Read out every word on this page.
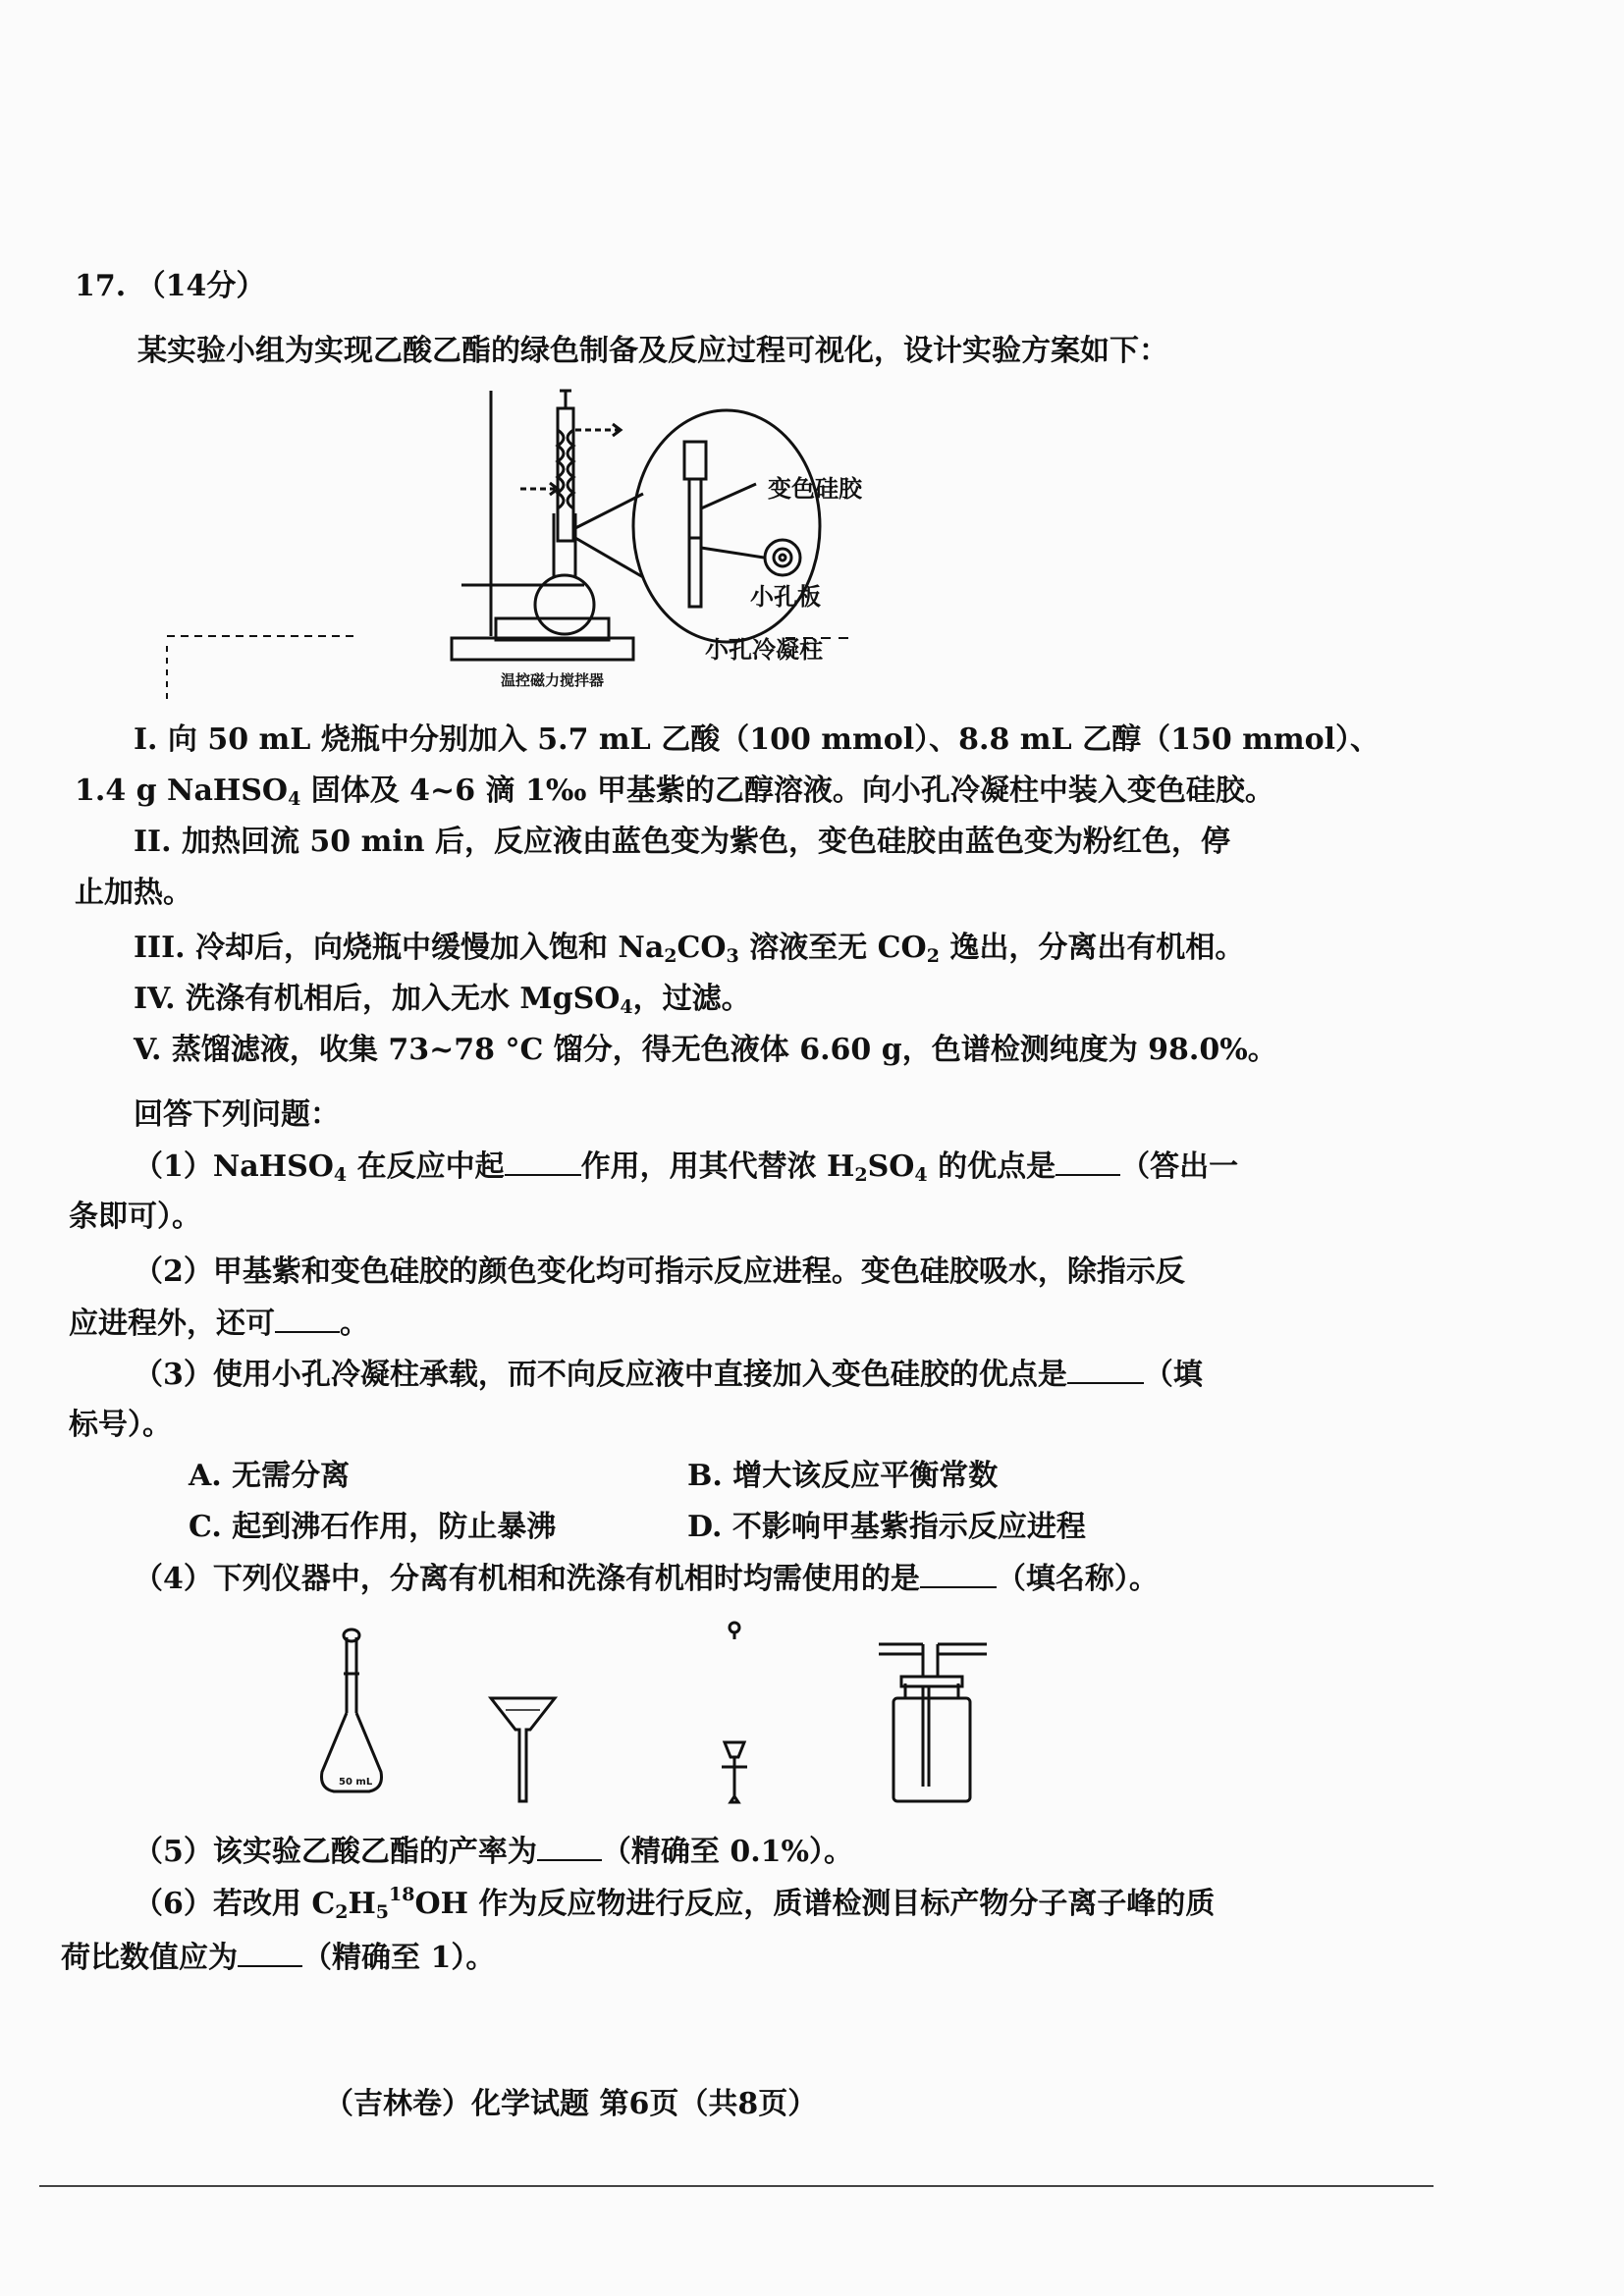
17. （14分）
某实验小组为实现乙酸乙酯的绿色制备及反应过程可视化，设计实验方案如下：
变色硅胶
小孔板
小孔冷凝柱
温控磁力搅拌器
I. 向 50 mL 烧瓶中分别加入 5.7 mL 乙酸（100 mmol）、8.8 mL 乙醇（150 mmol）、
1.4 g NaHSO$_4$ 固体及 4~6 滴 1‰ 甲基紫的乙醇溶液。向小孔冷凝柱中装入变色硅胶。
II. 加热回流 50 min 后，反应液由蓝色变为紫色，变色硅胶由蓝色变为粉红色，停
止加热。
III. 冷却后，向烧瓶中缓慢加入饱和 $Na_2CO_3$ 溶液至无 $CO_2$ 逸出，分离出有机相。
IV. 洗涤有机相后，加入无水 MgSO$_4$，过滤。
V. 蒸馏滤液，收集 73~78 °C 馏分，得无色液体 6.60 g，色谱检测纯度为 98.0%。
回答下列问题：
（1）NaHSO$_4$ 在反应中起	作用，用其代替浓 $H_2SO_4$ 的优点是 （答出一
条即可）。
（2）甲基紫和变色硅胶的颜色变化均可指示反应进程。变色硅胶吸水，除指示反
应进程外，还可 。
（3）使用小孔冷凝柱承载，而不向反应液中直接加入变色硅胶的优点是	（填
标号）。
A. 无需分离	B. 增大该反应平衡常数
C. 起到沸石作用，防止暴沸	D. 不影响甲基紫指示反应进程
（4）下列仪器中，分离有机相和洗涤有机相时均需使用的是	（填名称）。
50 mL
（5）该实验乙酸乙酯的产率为 （精确至 0.1%）。
（6）若改用 $C_2H_5^{18}OH$ 作为反应物进行反应，质谱检测目标产物分子离子峰的质
荷比数值应为 （精确至 1）。
（吉林卷）化学试题 第6页（共8页）
